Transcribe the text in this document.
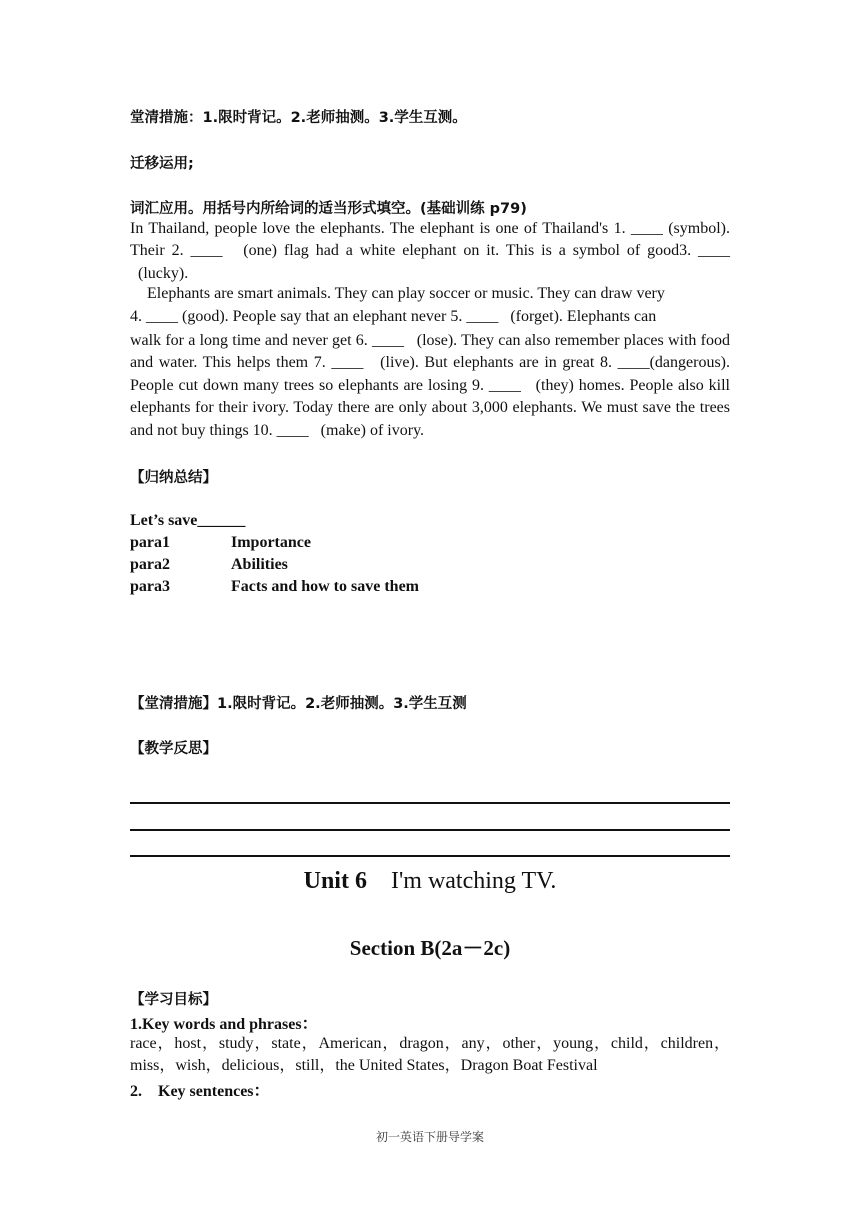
堂清措施：1.限时背记。2.老师抽测。3.学生互测。
迁移运用;
词汇应用。用括号内所给词的适当形式填空。(基础训练 p79)
In Thailand, people love the elephants. The elephant is one of Thailand's 1. ____ (symbol). Their 2. ____   (one) flag had a white elephant on it. This is a symbol of good3. ____   (lucky).
Elephants are smart animals. They can play soccer or music. They can draw very
4. ____ (good). People say that an elephant never 5. ____   (forget). Elephants can
walk for a long time and never get 6. ____   (lose). They can also remember places with food and water. This helps them 7. ____   (live). But elephants are in great 8. ____(dangerous). People cut down many trees so elephants are losing 9. ____   (they) homes. People also kill elephants for their ivory. Today there are only about 3,000 elephants. We must save the trees and not buy things 10. ____   (make) of ivory.
【归纳总结】
Let’s save______
para1	Importance
para2	Abilities
para3	Facts and how to save them
【堂清措施】1.限时背记。2.老师抽测。3.学生互测
【教学反思】
Unit 6 I'm watching TV.
Section B(2a－2c)
【学习目标】
1.Key words and phrases：
race，host，study，state，American，dragon，any，other，young，child，children，miss，wish，delicious，still，the United States，Dragon Boat Festival
2.    Key sentences：
初一英语下册导学案
